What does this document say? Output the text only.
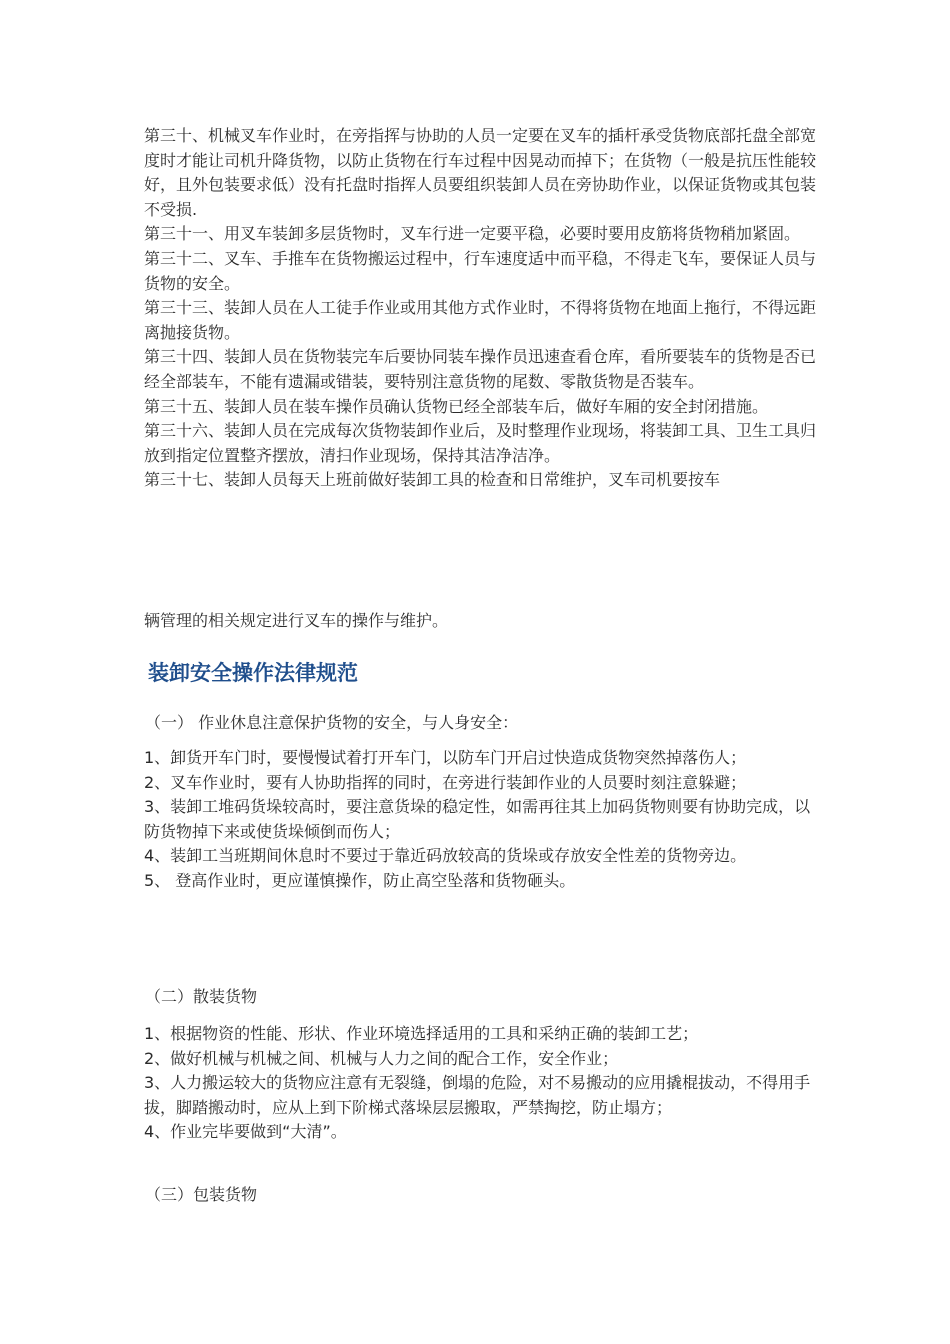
第三十、机械叉车作业时，在旁指挥与协助的人员一定要在叉车的插杆承受货物底部托盘全部宽度时才能让司机升降货物，以防止货物在行车过程中因晃动而掉下；在货物（一般是抗压性能较好，且外包装要求低）没有托盘时指挥人员要组织装卸人员在旁协助作业，以保证货物或其包装不受损.

第三十一、用叉车装卸多层货物时，叉车行进一定要平稳，必要时要用皮筋将货物稍加紧固。

第三十二、叉车、手推车在货物搬运过程中，行车速度适中而平稳，不得走飞车，要保证人员与货物的安全。

第三十三、装卸人员在人工徒手作业或用其他方式作业时，不得将货物在地面上拖行，不得远距离抛接货物。

第三十四、装卸人员在货物装完车后要协同装车操作员迅速查看仓库，看所要装车的货物是否已经全部装车，不能有遗漏或错装，要特别注意货物的尾数、零散货物是否装车。

第三十五、装卸人员在装车操作员确认货物已经全部装车后，做好车厢的安全封闭措施。

第三十六、装卸人员在完成每次货物装卸作业后，及时整理作业现场，将装卸工具、卫生工具归放到指定位置整齐摆放，清扫作业现场，保持其洁净洁净。

第三十七、装卸人员每天上班前做好装卸工具的检查和日常维护，叉车司机要按车

辆管理的相关规定进行叉车的操作与维护。

装卸安全操作法律规范

（一） 作业休息注意保护货物的安全，与人身安全：

1、卸货开车门时，要慢慢试着打开车门，以防车门开启过快造成货物突然掉落伤人；

2、叉车作业时，要有人协助指挥的同时，在旁进行装卸作业的人员要时刻注意躲避；

3、装卸工堆码货垛较高时，要注意货垛的稳定性，如需再往其上加码货物则要有协助完成，以防货物掉下来或使货垛倾倒而伤人；

4、装卸工当班期间休息时不要过于靠近码放较高的货垛或存放安全性差的货物旁边。

5、 登高作业时，更应谨慎操作，防止高空坠落和货物砸头。

（二）散装货物

1、根据物资的性能、形状、作业环境选择适用的工具和采纳正确的装卸工艺；

2、做好机械与机械之间、机械与人力之间的配合工作，安全作业；

3、人力搬运较大的货物应注意有无裂缝，倒塌的危险，对不易搬动的应用撬棍拔动，不得用手拔，脚踏搬动时，应从上到下阶梯式落垛层层搬取，严禁掏挖，防止塌方；

4、作业完毕要做到“大清”。

（三）包装货物
